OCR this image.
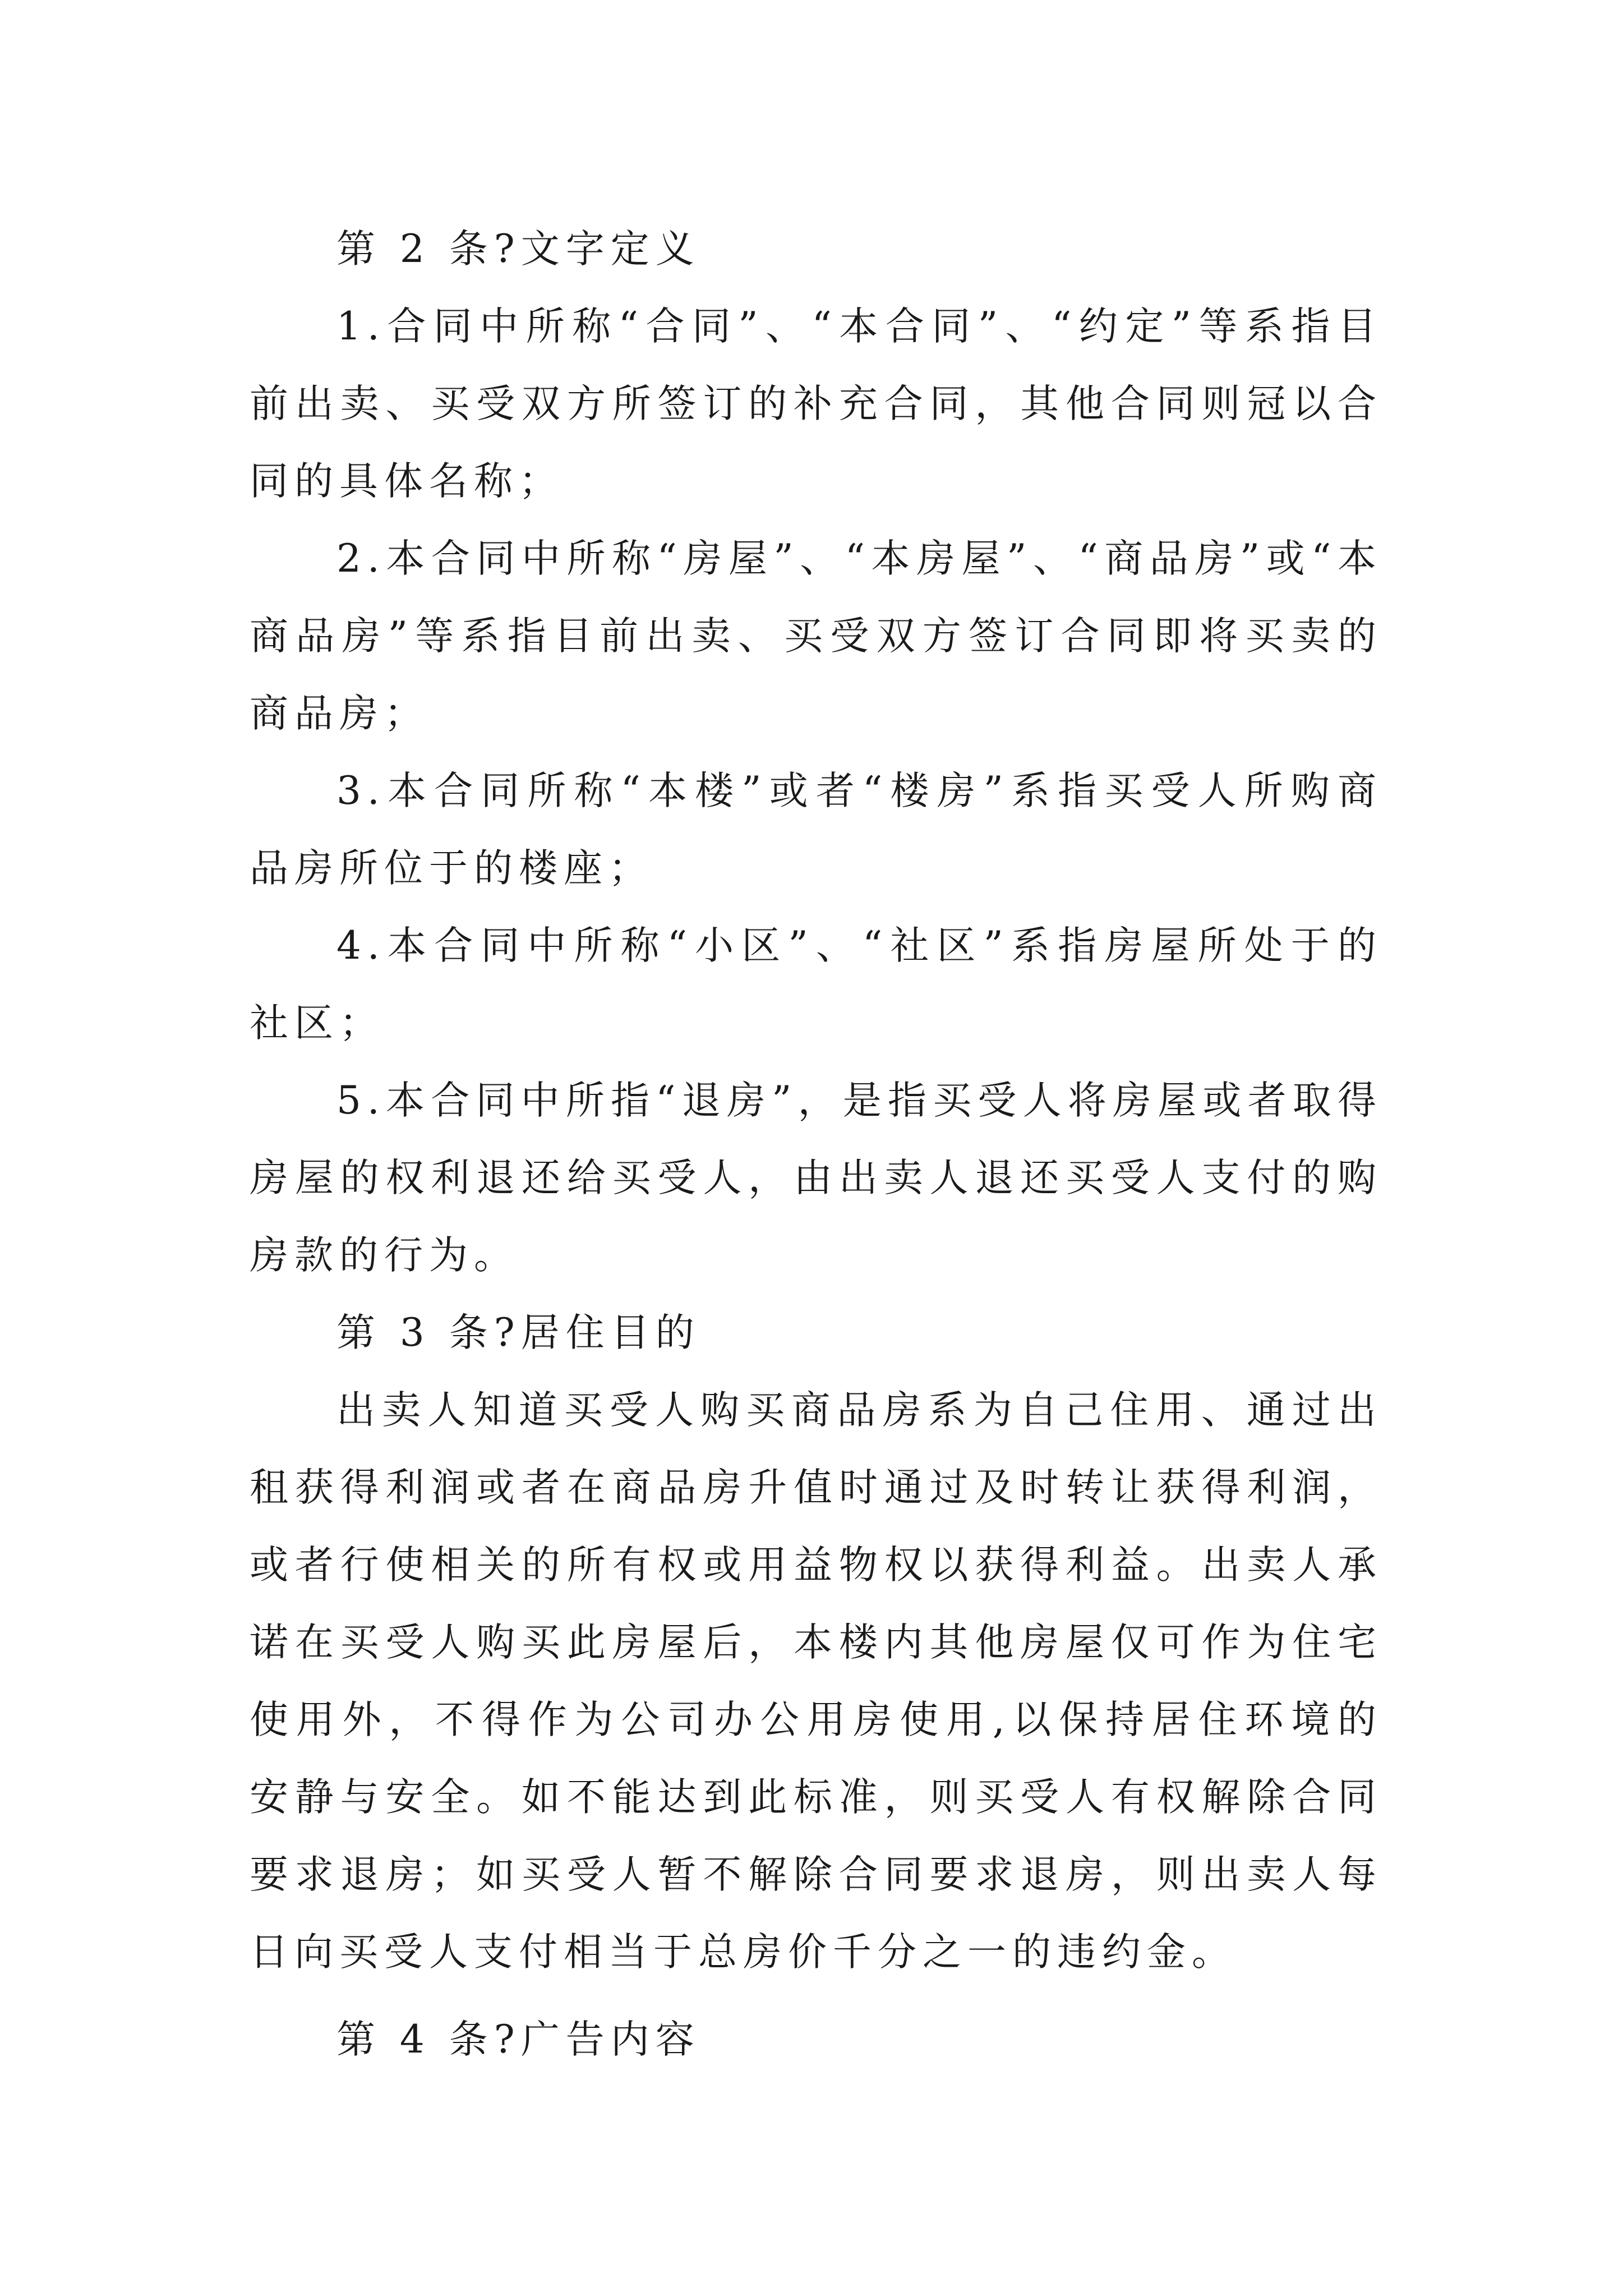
第 2 条?文字定义

1.合同中所称“合同”、“本合同”、“约定”等系指目前出卖、买受双方所签订的补充合同，其他合同则冠以合同的具体名称；

2.本合同中所称“房屋”、“本房屋”、“商品房”或“本商品房”等系指目前出卖、买受双方签订合同即将买卖的商品房；

3.本合同所称“本楼”或者“楼房”系指买受人所购商品房所位于的楼座；

4.本合同中所称“小区”、“社区”系指房屋所处于的社区；

5.本合同中所指“退房”，是指买受人将房屋或者取得房屋的权利退还给买受人，由出卖人退还买受人支付的购房款的行为。

第 3 条?居住目的

出卖人知道买受人购买商品房系为自己住用、通过出租获得利润或者在商品房升值时通过及时转让获得利润，或者行使相关的所有权或用益物权以获得利益。出卖人承诺在买受人购买此房屋后，本楼内其他房屋仅可作为住宅使用外，不得作为公司办公用房使用,以保持居住环境的安静与安全。如不能达到此标准，则买受人有权解除合同要求退房；如买受人暂不解除合同要求退房，则出卖人每日向买受人支付相当于总房价千分之一的违约金。

第 4 条?广告内容
